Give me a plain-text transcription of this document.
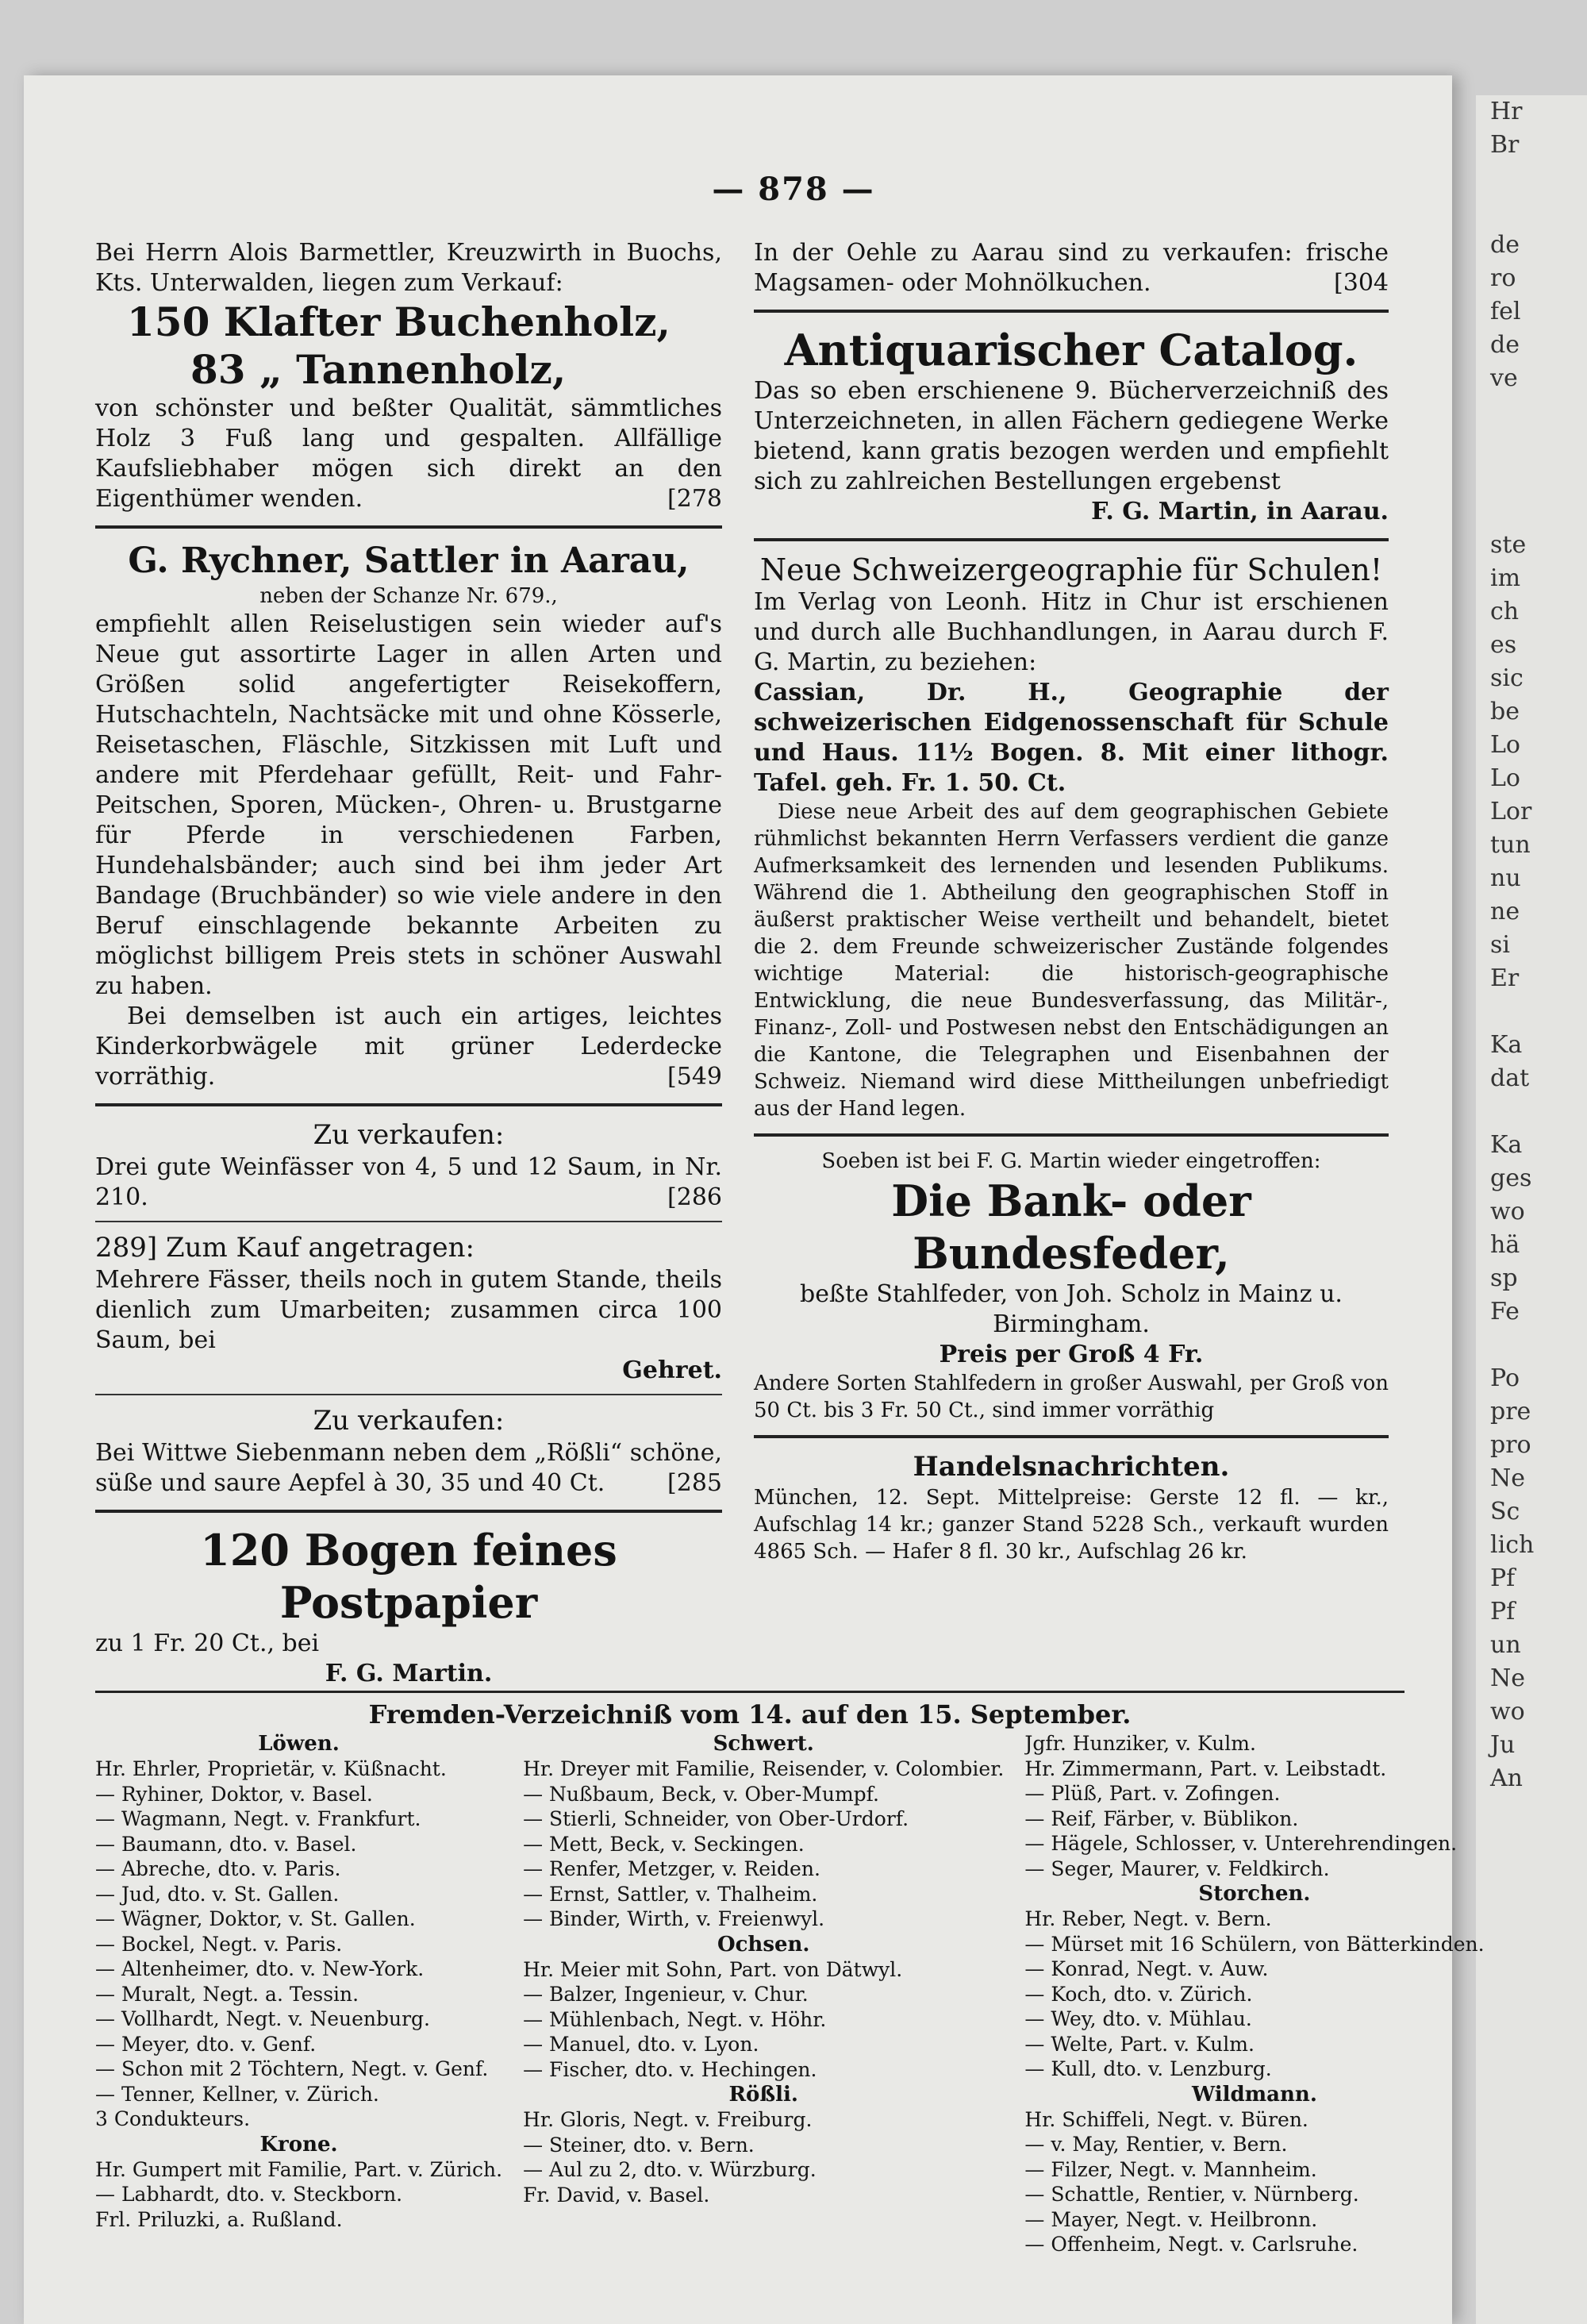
Hr
Br

de
ro
fel
de
ve

ste
im
ch
es
sic
be
Lo
Lo
Lor
tun
nu
ne
si
Er

Ka
dat

Ka
ges
wo
hä
sp
Fe

Po
pre
pro
Ne
Sc
lich
Pf
Pf
un
Ne
wo
Ju
An
— 878 —

Bei Herrn Alois Barmettler, Kreuzwirth in Buochs, Kts. Unterwalden, liegen zum Verkauf:

150 Klafter Buchenholz,
83 „ Tannenholz,

von schönster und beßter Qualität, sämmtliches Holz 3 Fuß lang und gespalten. Allfällige Kaufsliebhaber mögen sich direkt an den Eigenthümer wenden.	[278

G. Rychner, Sattler in Aarau,
neben der Schanze Nr. 679.,

empfiehlt allen Reiselustigen sein wieder auf's Neue gut assortirte Lager in allen Arten und Größen solid angefertigter Reisekoffern, Hutschachteln, Nachtsäcke mit und ohne Kösserle, Reisetaschen, Fläschle, Sitzkissen mit Luft und andere mit Pferdehaar gefüllt, Reit- und Fahr-Peitschen, Sporen, Mücken-, Ohren- u. Brustgarne für Pferde in verschiedenen Farben, Hundehalsbänder; auch sind bei ihm jeder Art Bandage (Bruchbänder) so wie viele andere in den Beruf einschlagende bekannte Arbeiten zu möglichst billigem Preis stets in schöner Auswahl zu haben.

Bei demselben ist auch ein artiges, leichtes Kinderkorbwägele mit grüner Lederdecke vorräthig.	[549

Zu verkaufen:

Drei gute Weinfässer von 4, 5 und 12 Saum, in Nr. 210.	[286

289] Zum Kauf angetragen:

Mehrere Fässer, theils noch in gutem Stande, theils dienlich zum Umarbeiten; zusammen circa 100 Saum, bei

Gehret.

Zu verkaufen:

Bei Wittwe Siebenmann neben dem „Rößli“ schöne, süße und saure Aepfel à 30, 35 und 40 Ct.	[285

120 Bogen feines Postpapier

zu 1 Fr. 20 Ct., bei

F. G. Martin.

In der Oehle zu Aarau sind zu verkaufen: frische Magsamen- oder Mohnölkuchen.	[304

Antiquarischer Catalog.

Das so eben erschienene 9. Bücherverzeichniß des Unterzeichneten, in allen Fächern gediegene Werke bietend, kann gratis bezogen werden und empfiehlt sich zu zahlreichen Bestellungen ergebenst

F. G. Martin, in Aarau.

Neue Schweizergeographie für Schulen!

Im Verlag von Leonh. Hitz in Chur ist erschienen und durch alle Buchhandlungen, in Aarau durch F. G. Martin, zu beziehen:

Cassian, Dr. H., Geographie der schweizerischen Eidgenossenschaft für Schule und Haus. 11½ Bogen. 8. Mit einer lithogr. Tafel. geh. Fr. 1. 50. Ct.

Diese neue Arbeit des auf dem geographischen Gebiete rühmlichst bekannten Herrn Verfassers verdient die ganze Aufmerksamkeit des lernenden und lesenden Publikums. Während die 1. Abtheilung den geographischen Stoff in äußerst praktischer Weise vertheilt und behandelt, bietet die 2. dem Freunde schweizerischer Zustände folgendes wichtige Material: die historisch-geographische Entwicklung, die neue Bundesverfassung, das Militär-, Finanz-, Zoll- und Postwesen nebst den Entschädigungen an die Kantone, die Telegraphen und Eisenbahnen der Schweiz. Niemand wird diese Mittheilungen unbefriedigt aus der Hand legen.

Soeben ist bei F. G. Martin wieder eingetroffen:

Die Bank- oder Bundesfeder,

beßte Stahlfeder, von Joh. Scholz in Mainz u. Birmingham.

Preis per Groß 4 Fr.

Andere Sorten Stahlfedern in großer Auswahl, per Groß von 50 Ct. bis 3 Fr. 50 Ct., sind immer vorräthig

Handelsnachrichten.

München, 12. Sept. Mittelpreise: Gerste 12 fl. — kr., Aufschlag 14 kr.; ganzer Stand 5228 Sch., verkauft wurden 4865 Sch. — Hafer 8 fl. 30 kr., Aufschlag 26 kr.

Fremden-Verzeichniß vom 14. auf den 15. September.
Löwen.
Hr. Ehrler, Proprietär, v. Küßnacht.
— Ryhiner, Doktor, v. Basel.
— Wagmann, Negt. v. Frankfurt.
— Baumann, dto. v. Basel.
— Abreche, dto. v. Paris.
— Jud, dto. v. St. Gallen.
— Wägner, Doktor, v. St. Gallen.
— Bockel, Negt. v. Paris.
— Altenheimer, dto. v. New-York.
— Muralt, Negt. a. Tessin.
— Vollhardt, Negt. v. Neuenburg.
— Meyer, dto. v. Genf.
— Schon mit 2 Töchtern, Negt. v. Genf.
— Tenner, Kellner, v. Zürich.
3 Condukteurs.
Krone.
Hr. Gumpert mit Familie, Part. v. Zürich.
— Labhardt, dto. v. Steckborn.
Frl. Priluzki, a. Rußland.
Schwert.
Hr. Dreyer mit Familie, Reisender, v. Colombier.
— Nußbaum, Beck, v. Ober-Mumpf.
— Stierli, Schneider, von Ober-Urdorf.
— Mett, Beck, v. Seckingen.
— Renfer, Metzger, v. Reiden.
— Ernst, Sattler, v. Thalheim.
— Binder, Wirth, v. Freienwyl.
Ochsen.
Hr. Meier mit Sohn, Part. von Dätwyl.
— Balzer, Ingenieur, v. Chur.
— Mühlenbach, Negt. v. Höhr.
— Manuel, dto. v. Lyon.
— Fischer, dto. v. Hechingen.
Rößli.
Hr. Gloris, Negt. v. Freiburg.
— Steiner, dto. v. Bern.
— Aul zu 2, dto. v. Würzburg.
Fr. David, v. Basel.
Jgfr. Hunziker, v. Kulm.
Hr. Zimmermann, Part. v. Leibstadt.
— Plüß, Part. v. Zofingen.
— Reif, Färber, v. Büblikon.
— Hägele, Schlosser, v. Unterehrendingen.
— Seger, Maurer, v. Feldkirch.
Storchen.
Hr. Reber, Negt. v. Bern.
— Mürset mit 16 Schülern, von Bätterkinden.
— Konrad, Negt. v. Auw.
— Koch, dto. v. Zürich.
— Wey, dto. v. Mühlau.
— Welte, Part. v. Kulm.
— Kull, dto. v. Lenzburg.
Wildmann.
Hr. Schiffeli, Negt. v. Büren.
— v. May, Rentier, v. Bern.
— Filzer, Negt. v. Mannheim.
— Schattle, Rentier, v. Nürnberg.
— Mayer, Negt. v. Heilbronn.
— Offenheim, Negt. v. Carlsruhe.
